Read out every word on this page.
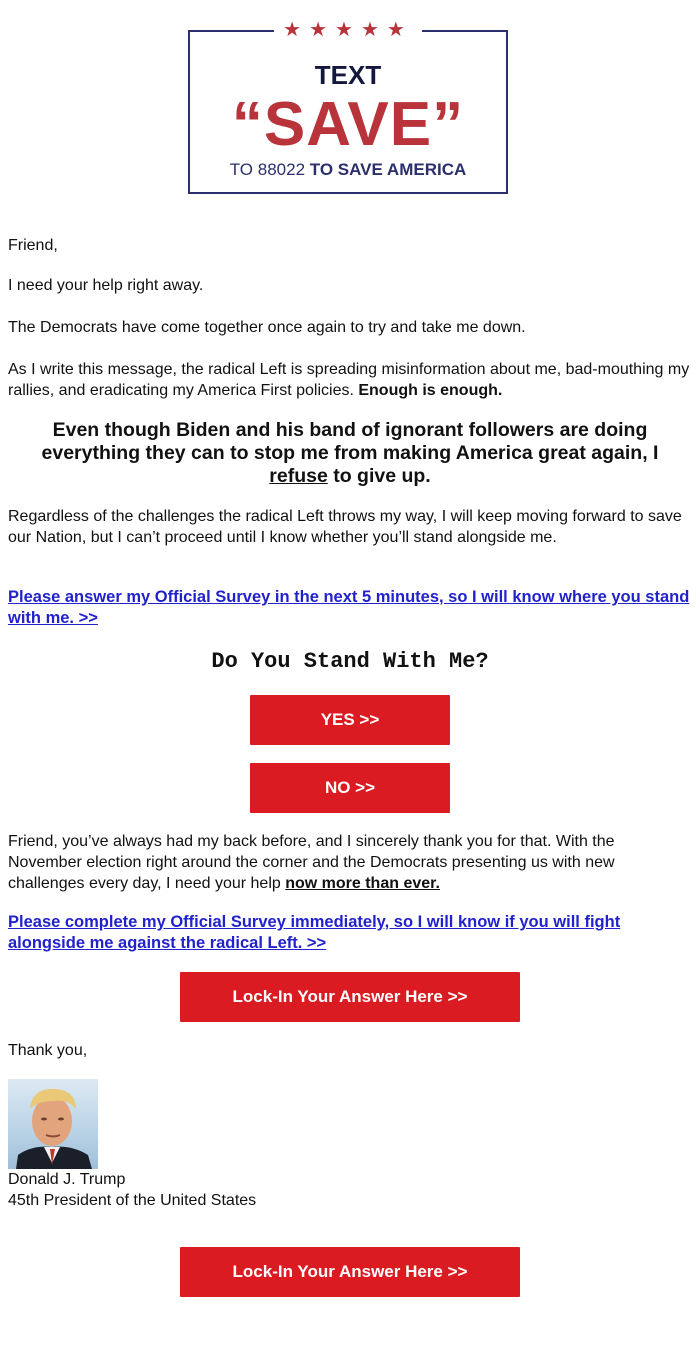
★★★★★
TEXT
“SAVE”
TO 88022 TO SAVE AMERICA
Friend,
I need your help right away.
The Democrats have come together once again to try and take me down.
As I write this message, the radical Left is spreading misinformation about me, bad-mouthing my rallies, and eradicating my America First policies. Enough is enough.
Even though Biden and his band of ignorant followers are doing everything they can to stop me from making America great again, I refuse to give up.
Regardless of the challenges the radical Left throws my way, I will keep moving forward to save our Nation, but I can’t proceed until I know whether you’ll stand alongside me.
Please answer my Official Survey in the next 5 minutes, so I will know where you stand with me. >>
Do You Stand With Me?
YES >>
NO >>
Friend, you’ve always had my back before, and I sincerely thank you for that. With the November election right around the corner and the Democrats presenting us with new challenges every day, I need your help now more than ever.
Please complete my Official Survey immediately, so I will know if you will fight alongside me against the radical Left. >>
Lock-In Your Answer Here >>
Thank you,
Donald J. Trump
45th President of the United States
Lock-In Your Answer Here >>
